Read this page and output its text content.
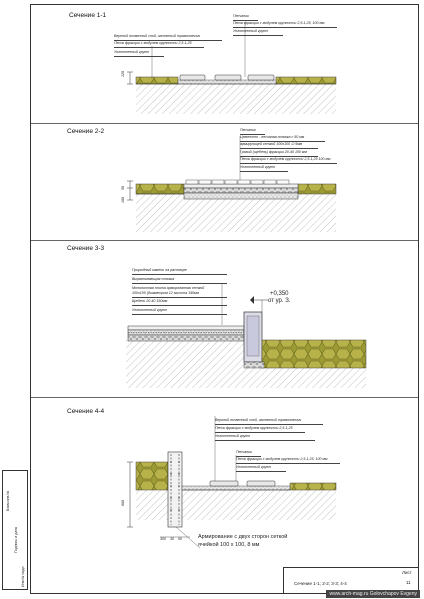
Сечение 1-1
Сечение 2-2
Сечение 3-3
Сечение 4-4
Верхний почвенный слой, засеянный травосмесью
Песок фракции с модулем крупности 2,5-1,25
Уплотненный грунт
Песчаник
Песок фракции с модулем крупности 2,5-1,25, 100 мм
Уплотненный грунт
120
Песчаник
Цементно - песчаная стяжка с 50 мм
армирующей сеткой 100х100 ∅ 5мм
Гравий (щебень) фракции 20-40 100 мм
Песок фракции с модулем крупности 2,5-1,25 100 мм
Уплотненный грунт
50
100
Природный камень на растворе
Выравнивающая стяжка
Монолитная плита армированная сеткой
100х100 (диаметром 12 высота 150мм
Щебень 20-40 150мм
Уплотненный грунт
+0,350
от ур. З.
Верхний почвенный слой, засеянный травосмесью
Песок фракции с модулем крупности 2,5-1,25
Уплотненный грунт
Песчаник
Песок фракции с модулем крупности 2,5-1,25, 100 мм
Уплотненный грунт
600
300 30 50	Армирование с двух сторон сеткой
ячейкой 100 х 100, 8 мм
Взам.инв.№
Подпись и дата
Инв.№ подл.	Лист
11
Сечение 1-1; 2-2; 3-3; 4-4
www.arch-mag.ru Golovchapov Evgeny
